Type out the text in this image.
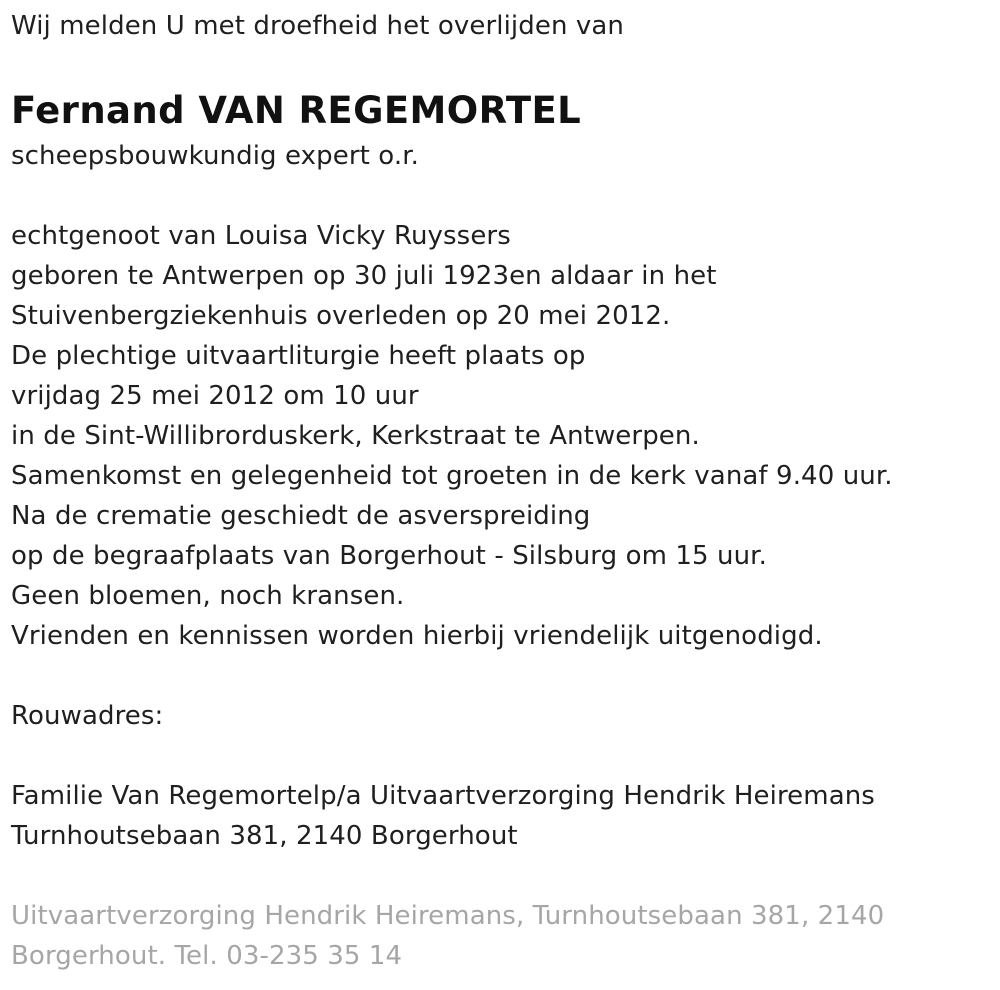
Wij melden U met droefheid het overlijden van
Fernand VAN REGEMORTEL
scheepsbouwkundig expert o.r.
echtgenoot van Louisa Vicky Ruyssers
geboren te Antwerpen op 30 juli 1923en aldaar in het
Stuivenbergziekenhuis overleden op 20 mei 2012.
De plechtige uitvaartliturgie heeft plaats op
vrijdag 25 mei 2012 om 10 uur
in de Sint-Willibrorduskerk, Kerkstraat te Antwerpen.
Samenkomst en gelegenheid tot groeten in de kerk vanaf 9.40 uur.
Na de crematie geschiedt de asverspreiding
op de begraafplaats van Borgerhout - Silsburg om 15 uur.
Geen bloemen, noch kransen.
Vrienden en kennissen worden hierbij vriendelijk uitgenodigd.
Rouwadres:
Familie Van Regemortelp/a Uitvaartverzorging Hendrik Heiremans
Turnhoutsebaan 381, 2140 Borgerhout
Uitvaartverzorging Hendrik Heiremans, Turnhoutsebaan 381, 2140
Borgerhout. Tel. 03-235 35 14
